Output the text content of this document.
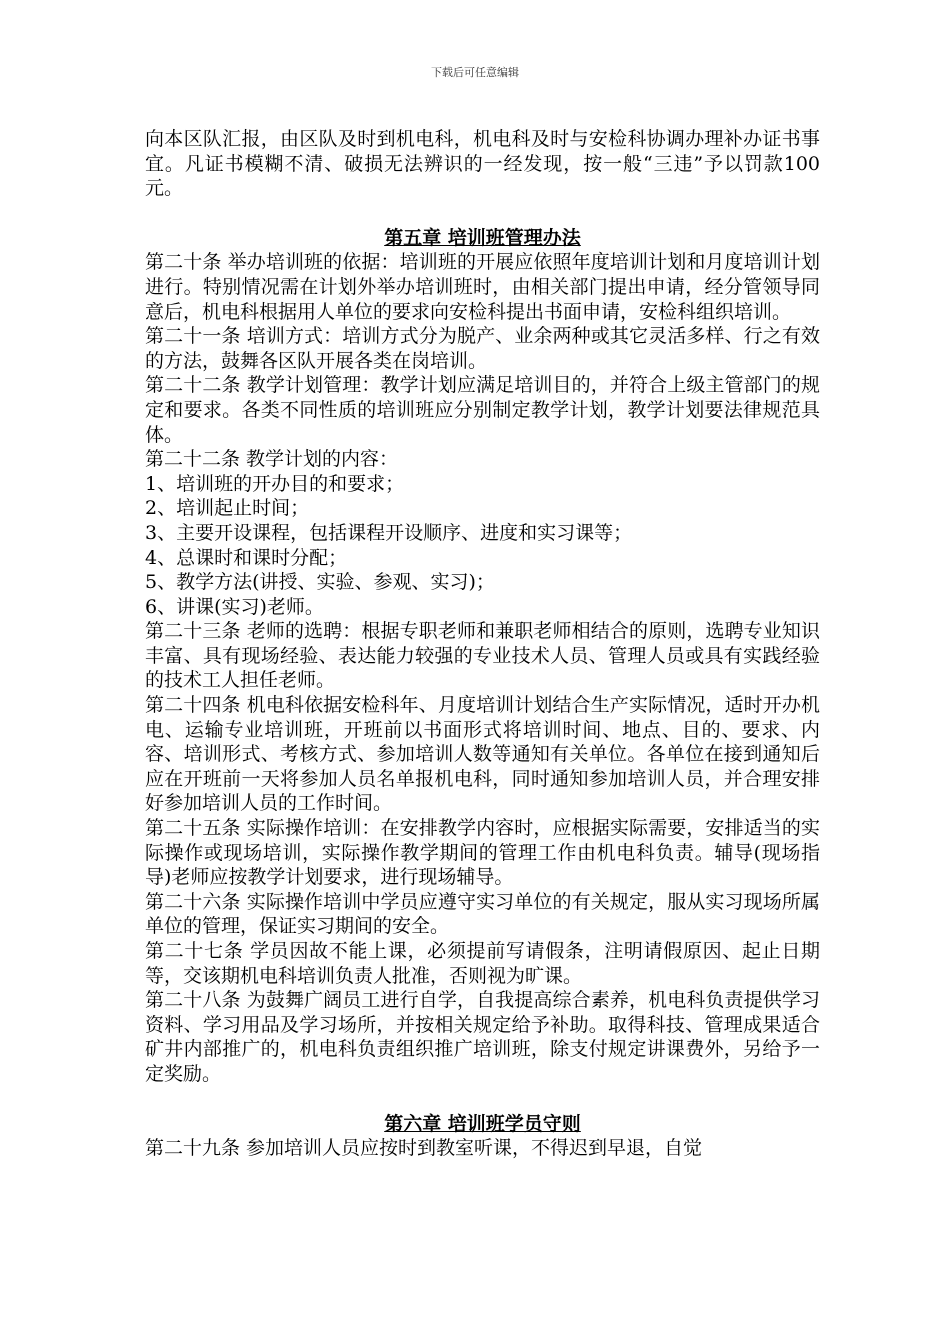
下载后可任意编辑

向本区队汇报，由区队及时到机电科，机电科及时与安检科协调办理补办证书事宜。凡证书模糊不清、破损无法辨识的一经发现，按一般“三违”予以罚款100元。

第五章 培训班管理办法

第二十条 举办培训班的依据：培训班的开展应依照年度培训计划和月度培训计划进行。特别情况需在计划外举办培训班时，由相关部门提出申请，经分管领导同意后，机电科根据用人单位的要求向安检科提出书面申请，安检科组织培训。

第二十一条 培训方式：培训方式分为脱产、业余两种或其它灵活多样、行之有效的方法，鼓舞各区队开展各类在岗培训。

第二十二条 教学计划管理：教学计划应满足培训目的，并符合上级主管部门的规定和要求。各类不同性质的培训班应分别制定教学计划，教学计划要法律规范具体。

第二十二条 教学计划的内容：

1、培训班的开办目的和要求；

2、培训起止时间；

3、主要开设课程，包括课程开设顺序、进度和实习课等；

4、总课时和课时分配；

5、教学方法(讲授、实验、参观、实习)；

6、讲课(实习)老师。

第二十三条 老师的选聘：根据专职老师和兼职老师相结合的原则，选聘专业知识丰富、具有现场经验、表达能力较强的专业技术人员、管理人员或具有实践经验的技术工人担任老师。

第二十四条 机电科依据安检科年、月度培训计划结合生产实际情况，适时开办机电、运输专业培训班，开班前以书面形式将培训时间、地点、目的、要求、内容、培训形式、考核方式、参加培训人数等通知有关单位。各单位在接到通知后应在开班前一天将参加人员名单报机电科，同时通知参加培训人员，并合理安排好参加培训人员的工作时间。

第二十五条 实际操作培训：在安排教学内容时，应根据实际需要，安排适当的实际操作或现场培训，实际操作教学期间的管理工作由机电科负责。辅导(现场指导)老师应按教学计划要求，进行现场辅导。

第二十六条 实际操作培训中学员应遵守实习单位的有关规定，服从实习现场所属单位的管理，保证实习期间的安全。

第二十七条 学员因故不能上课，必须提前写请假条，注明请假原因、起止日期等，交该期机电科培训负责人批准，否则视为旷课。

第二十八条 为鼓舞广阔员工进行自学，自我提高综合素养，机电科负责提供学习资料、学习用品及学习场所，并按相关规定给予补助。取得科技、管理成果适合矿井内部推广的，机电科负责组织推广培训班，除支付规定讲课费外，另给予一定奖励。

第六章 培训班学员守则

第二十九条 参加培训人员应按时到教室听课，不得迟到早退，自觉
